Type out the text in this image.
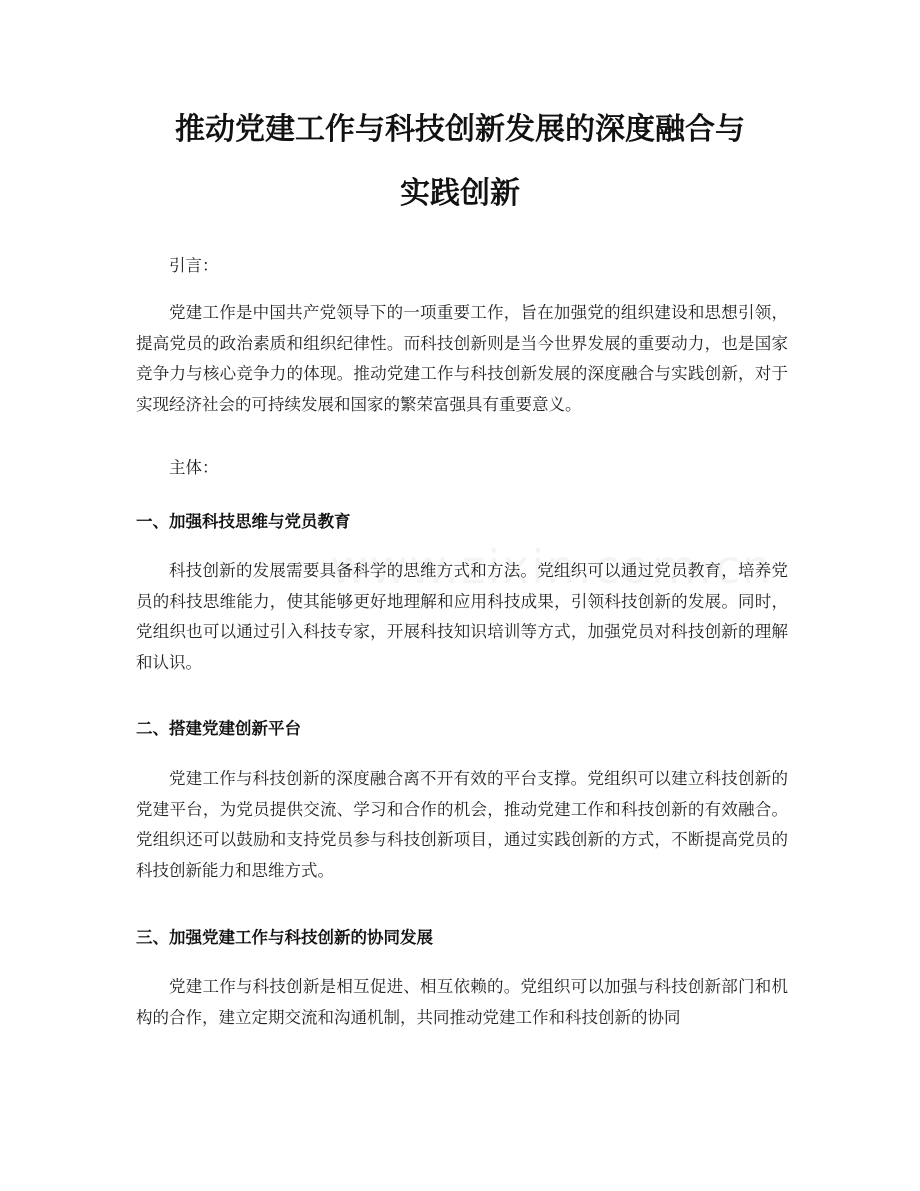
推动党建工作与科技创新发展的深度融合与
实践创新

引言：

党建工作是中国共产党领导下的一项重要工作，旨在加强党的组织建设和思想引领，提高党员的政治素质和组织纪律性。而科技创新则是当今世界发展的重要动力，也是国家竞争力与核心竞争力的体现。推动党建工作与科技创新发展的深度融合与实践创新，对于实现经济社会的可持续发展和国家的繁荣富强具有重要意义。

主体：

一、加强科技思维与党员教育

科技创新的发展需要具备科学的思维方式和方法。党组织可以通过党员教育，培养党员的科技思维能力，使其能够更好地理解和应用科技成果，引领科技创新的发展。同时，党组织也可以通过引入科技专家，开展科技知识培训等方式，加强党员对科技创新的理解和认识。

二、搭建党建创新平台

党建工作与科技创新的深度融合离不开有效的平台支撑。党组织可以建立科技创新的党建平台，为党员提供交流、学习和合作的机会，推动党建工作和科技创新的有效融合。党组织还可以鼓励和支持党员参与科技创新项目，通过实践创新的方式，不断提高党员的科技创新能力和思维方式。

三、加强党建工作与科技创新的协同发展

党建工作与科技创新是相互促进、相互依赖的。党组织可以加强与科技创新部门和机构的合作，建立定期交流和沟通机制，共同推动党建工作和科技创新的协同
